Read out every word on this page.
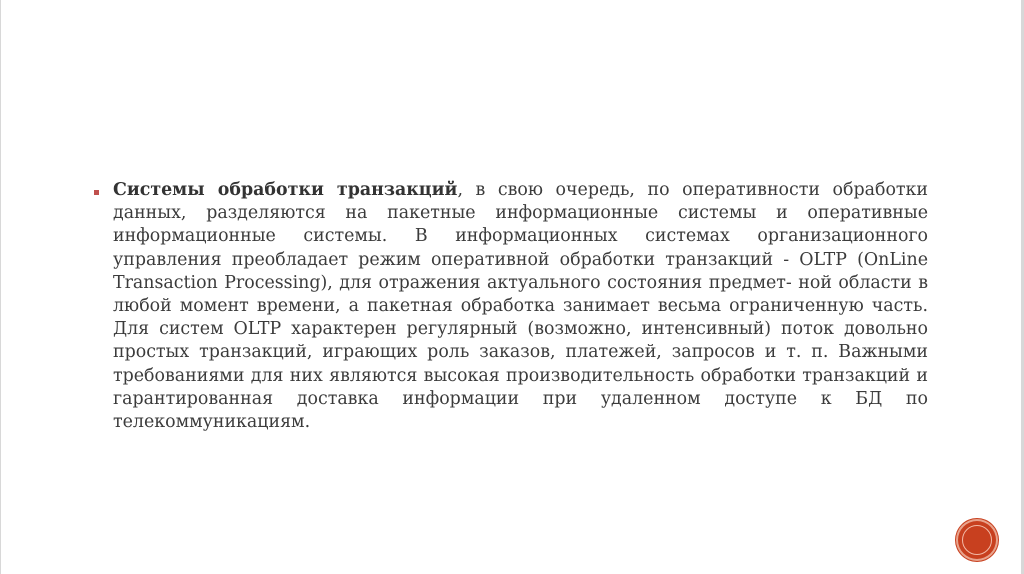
Системы обработки транзакций, в свою очередь, по оперативности обработки данных, разделяются на пакетные информационные системы и оперативные информационные системы. В информационных системах организационного управления преобладает режим оперативной обработки транзакций - OLTP (OnLine Transaction Processing), для отражения актуального состояния предмет- ной области в любой момент времени, а пакетная обработка занимает весьма ограниченную часть. Для систем OLTP характерен регулярный (возможно, интенсивный) поток довольно простых транзакций, играющих роль заказов, платежей, запросов и т. п. Важными требованиями для них являются высокая производительность обработки транзакций и гарантированная доставка информации при удаленном доступе к БД по телекоммуникациям.
